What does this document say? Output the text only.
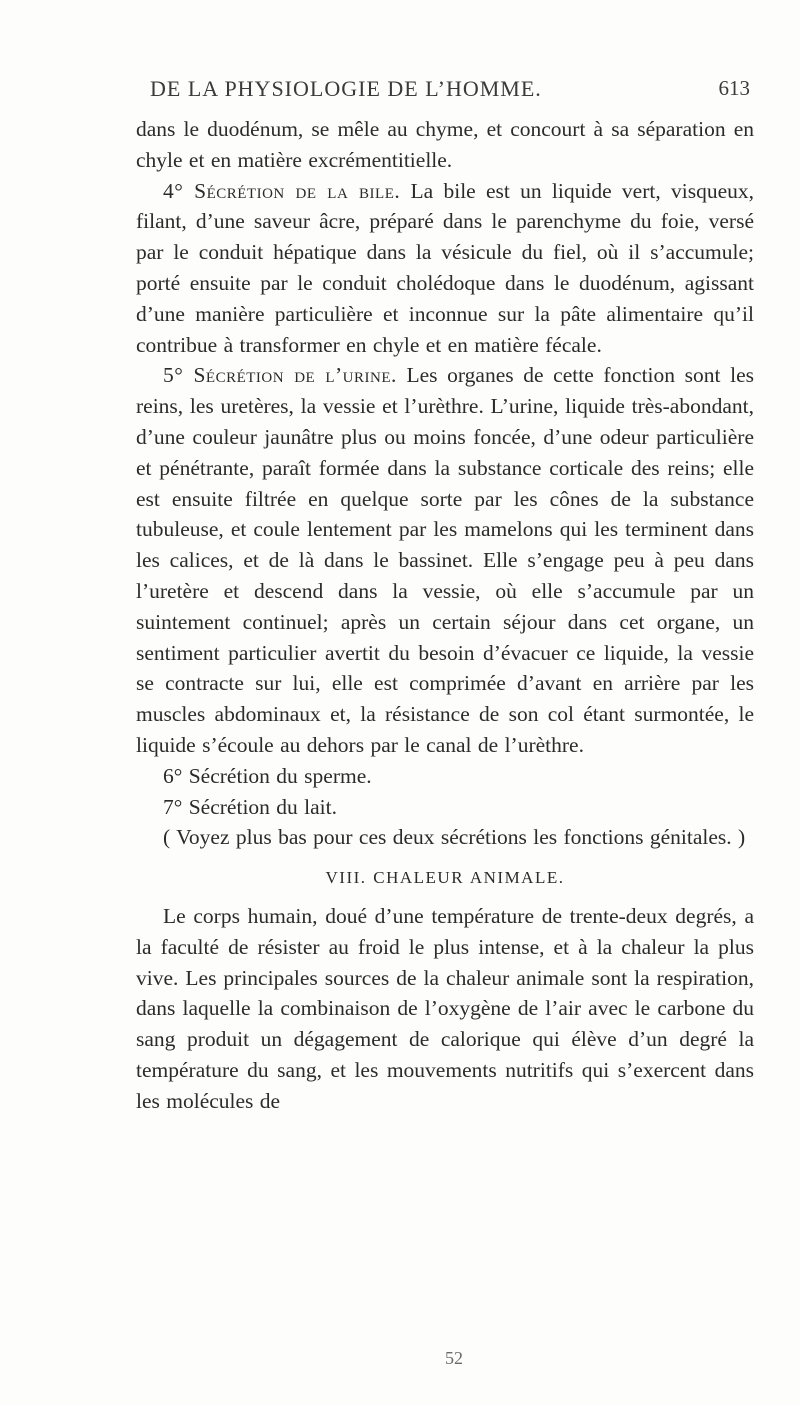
DE LA PHYSIOLOGIE DE L’HOMME.	613

dans le duodénum, se mêle au chyme, et concourt à sa séparation en chyle et en matière excrémentitielle.

4° Sécrétion de la bile. La bile est un liquide vert, visqueux, filant, d’une saveur âcre, préparé dans le parenchyme du foie, versé par le conduit hépatique dans la vésicule du fiel, où il s’accumule; porté ensuite par le conduit cholédoque dans le duodénum, agissant d’une manière particulière et inconnue sur la pâte alimentaire qu’il contribue à transformer en chyle et en matière fécale.

5° Sécrétion de l’urine. Les organes de cette fonction sont les reins, les uretères, la vessie et l’urèthre. L’urine, liquide très-abondant, d’une couleur jaunâtre plus ou moins foncée, d’une odeur particulière et pénétrante, paraît formée dans la substance corticale des reins; elle est ensuite filtrée en quelque sorte par les cônes de la substance tubuleuse, et coule lentement par les mamelons qui les terminent dans les calices, et de là dans le bassinet. Elle s’engage peu à peu dans l’uretère et descend dans la vessie, où elle s’accumule par un suintement continuel; après un certain séjour dans cet organe, un sentiment particulier avertit du besoin d’évacuer ce liquide, la vessie se contracte sur lui, elle est comprimée d’avant en arrière par les muscles abdominaux et, la résistance de son col étant surmontée, le liquide s’écoule au dehors par le canal de l’urèthre.

6° Sécrétion du sperme.

7° Sécrétion du lait.

( Voyez plus bas pour ces deux sécrétions les fonctions génitales. )

VIII. CHALEUR ANIMALE.

Le corps humain, doué d’une température de trente-deux degrés, a la faculté de résister au froid le plus intense, et à la chaleur la plus vive. Les principales sources de la chaleur animale sont la respiration, dans laquelle la combinaison de l’oxygène de l’air avec le carbone du sang produit un dégagement de calorique qui élève d’un degré la température du sang, et les mouvements nutritifs qui s’exercent dans les molécules de

52
